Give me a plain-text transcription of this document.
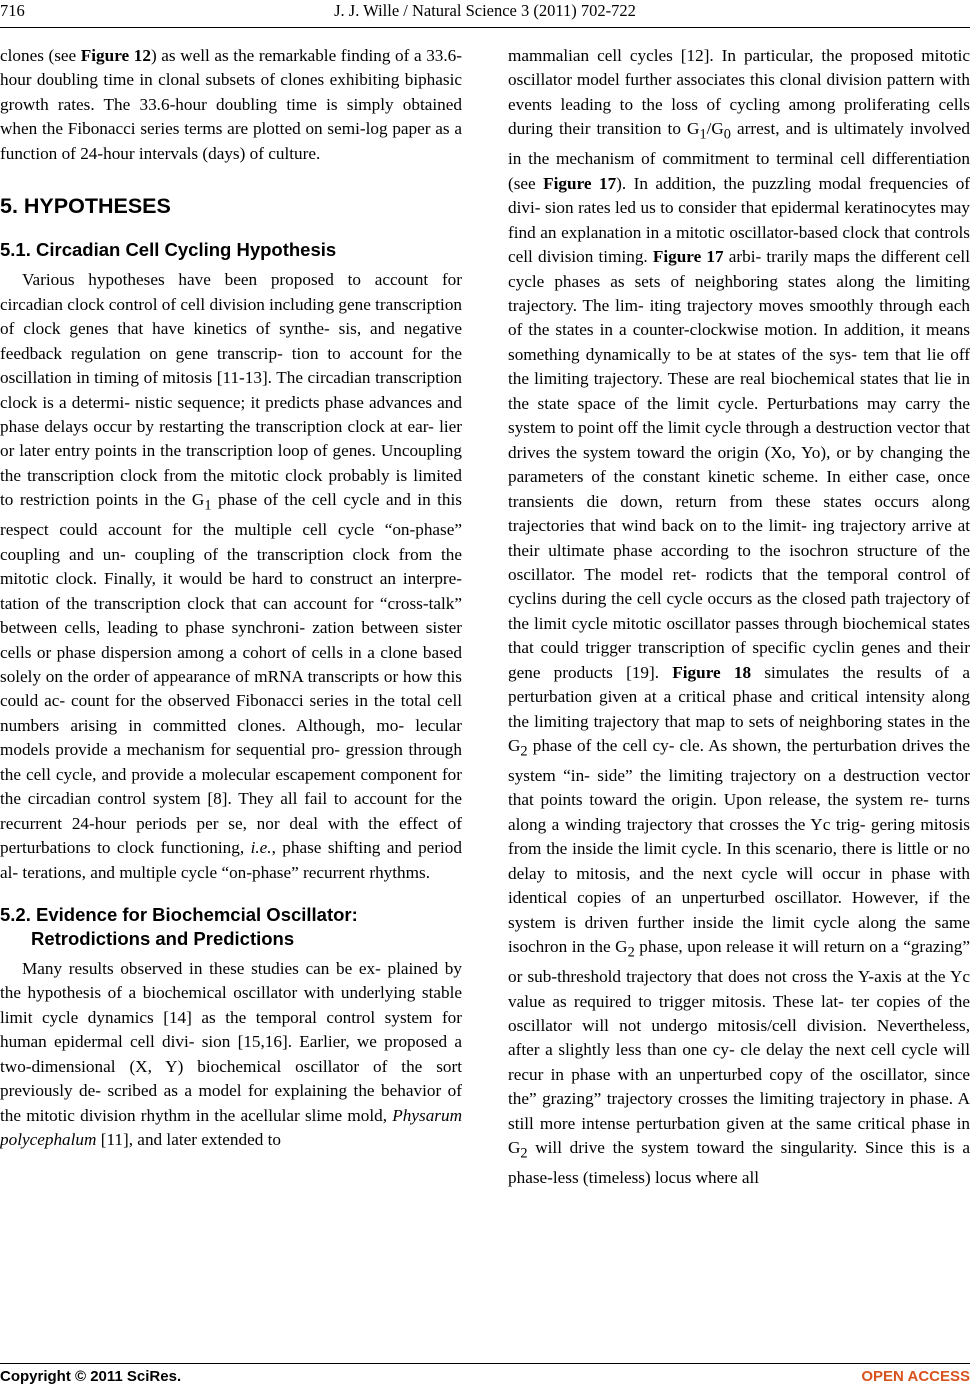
716	J. J. Wille / Natural Science 3 (2011) 702-722

clones (see Figure 12) as well as the remarkable finding of a 33.6-hour doubling time in clonal subsets of clones exhibiting biphasic growth rates. The 33.6-hour doubling time is simply obtained when the Fibonacci series terms are plotted on semi-log paper as a function of 24-hour intervals (days) of culture.

5. HYPOTHESES
5.1. Circadian Cell Cycling Hypothesis

Various hypotheses have been proposed to account for circadian clock control of cell division including gene transcription of clock genes that have kinetics of synthe- sis, and negative feedback regulation on gene transcrip- tion to account for the oscillation in timing of mitosis [11-13]. The circadian transcription clock is a determi- nistic sequence; it predicts phase advances and phase delays occur by restarting the transcription clock at ear- lier or later entry points in the transcription loop of genes. Uncoupling the transcription clock from the mitotic clock probably is limited to restriction points in the $G_1$ phase of the cell cycle and in this respect could account for the multiple cell cycle “on-phase” coupling and un- coupling of the transcription clock from the mitotic clock. Finally, it would be hard to construct an interpre- tation of the transcription clock that can account for “cross-talk” between cells, leading to phase synchroni- zation between sister cells or phase dispersion among a cohort of cells in a clone based solely on the order of appearance of mRNA transcripts or how this could ac- count for the observed Fibonacci series in the total cell numbers arising in committed clones. Although, mo- lecular models provide a mechanism for sequential pro- gression through the cell cycle, and provide a molecular escapement component for the circadian control system [8]. They all fail to account for the recurrent 24-hour periods per se, nor deal with the effect of perturbations to clock functioning, i.e., phase shifting and period al- terations, and multiple cycle “on-phase” recurrent rhythms.

5.2. Evidence for Biochemcial Oscillator:
Retrodictions and Predictions

Many results observed in these studies can be ex- plained by the hypothesis of a biochemical oscillator with underlying stable limit cycle dynamics [14] as the temporal control system for human epidermal cell divi- sion [15,16]. Earlier, we proposed a two-dimensional (X, Y) biochemical oscillator of the sort previously de- scribed as a model for explaining the behavior of the mitotic division rhythm in the acellular slime mold, Physarum polycephalum [11], and later extended to

mammalian cell cycles [12]. In particular, the proposed mitotic oscillator model further associates this clonal division pattern with events leading to the loss of cycling among proliferating cells during their transition to $G_1/G_0$ arrest, and is ultimately involved in the mechanism of commitment to terminal cell differentiation (see Figure 17). In addition, the puzzling modal frequencies of divi- sion rates led us to consider that epidermal keratinocytes may find an explanation in a mitotic oscillator-based clock that controls cell division timing. Figure 17 arbi- trarily maps the different cell cycle phases as sets of neighboring states along the limiting trajectory. The lim- iting trajectory moves smoothly through each of the states in a counter-clockwise motion. In addition, it means something dynamically to be at states of the sys- tem that lie off the limiting trajectory. These are real biochemical states that lie in the state space of the limit cycle. Perturbations may carry the system to point off the limit cycle through a destruction vector that drives the system toward the origin (Xo, Yo), or by changing the parameters of the constant kinetic scheme. In either case, once transients die down, return from these states occurs along trajectories that wind back on to the limit- ing trajectory arrive at their ultimate phase according to the isochron structure of the oscillator. The model ret- rodicts that the temporal control of cyclins during the cell cycle occurs as the closed path trajectory of the limit cycle mitotic oscillator passes through biochemical states that could trigger transcription of specific cyclin genes and their gene products [19]. Figure 18 simulates the results of a perturbation given at a critical phase and critical intensity along the limiting trajectory that map to sets of neighboring states in the $G_2$ phase of the cell cy- cle. As shown, the perturbation drives the system “in- side” the limiting trajectory on a destruction vector that points toward the origin. Upon release, the system re- turns along a winding trajectory that crosses the Yc trig- gering mitosis from the inside the limit cycle. In this scenario, there is little or no delay to mitosis, and the next cycle will occur in phase with identical copies of an unperturbed oscillator. However, if the system is driven further inside the limit cycle along the same isochron in the $G_2$ phase, upon release it will return on a “grazing” or sub-threshold trajectory that does not cross the Y-axis at the Yc value as required to trigger mitosis. These lat- ter copies of the oscillator will not undergo mitosis/cell division. Nevertheless, after a slightly less than one cy- cle delay the next cell cycle will recur in phase with an unperturbed copy of the oscillator, since the” grazing” trajectory crosses the limiting trajectory in phase. A still more intense perturbation given at the same critical phase in $G_2$ will drive the system toward the singularity. Since this is a phase-less (timeless) locus where all

Copyright © 2011 SciRes.	OPEN ACCESS
